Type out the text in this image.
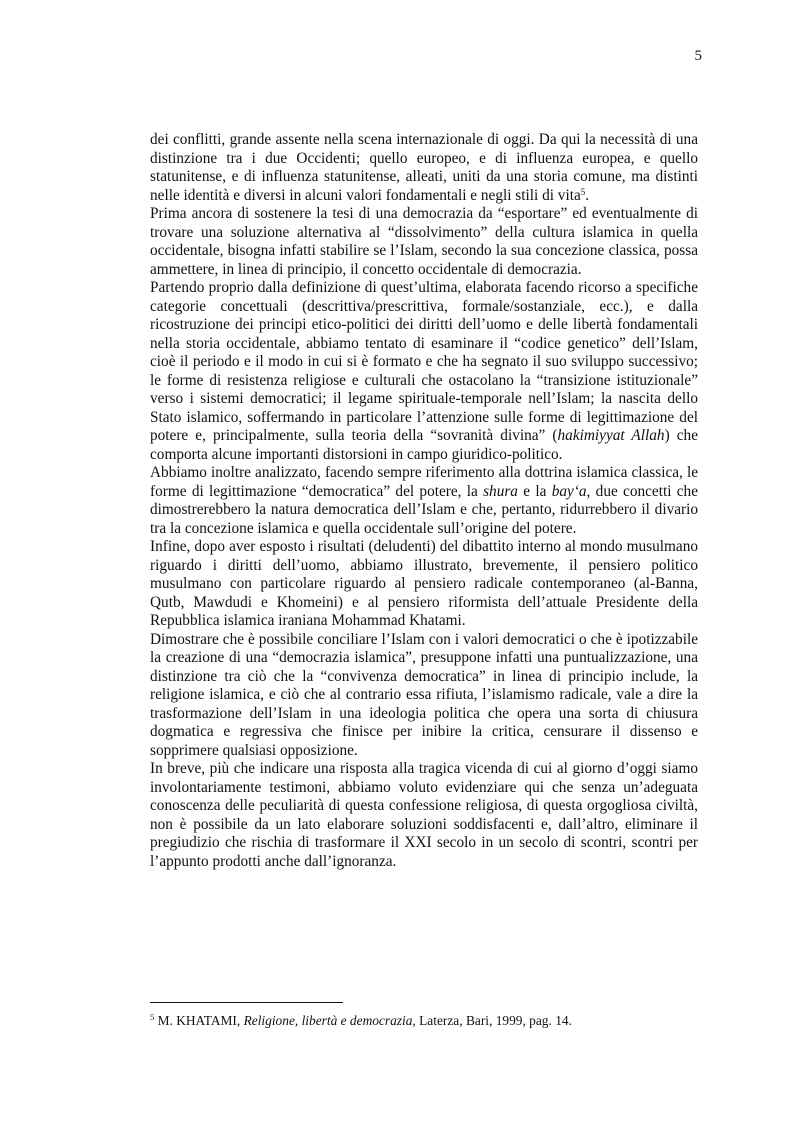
5

dei conflitti, grande assente nella scena internazionale di oggi. Da qui la necessità di una distinzione tra i due Occidenti; quello europeo, e di influenza europea, e quello statunitense, e di influenza statunitense, alleati, uniti da una storia comune, ma distinti nelle identità e diversi in alcuni valori fondamentali e negli stili di vita$^5$.

Prima ancora di sostenere la tesi di una democrazia da “esportare” ed eventualmente di trovare una soluzione alternativa al “dissolvimento” della cultura islamica in quella occidentale, bisogna infatti stabilire se l’Islam, secondo la sua concezione classica, possa ammettere, in linea di principio, il concetto occidentale di democrazia.

Partendo proprio dalla definizione di quest’ultima, elaborata facendo ricorso a specifiche categorie concettuali (descrittiva/prescrittiva, formale/sostanziale, ecc.), e dalla ricostruzione dei principi etico-politici dei diritti dell’uomo e delle libertà fondamentali nella storia occidentale, abbiamo tentato di esaminare il “codice genetico” dell’Islam, cioè il periodo e il modo in cui si è formato e che ha segnato il suo sviluppo successivo; le forme di resistenza religiose e culturali che ostacolano la “transizione istituzionale” verso i sistemi democratici; il legame spirituale-temporale nell’Islam; la nascita dello Stato islamico, soffermando in particolare l’attenzione sulle forme di legittimazione del potere e, principalmente, sulla teoria della “sovranità divina” (hakimiyyat Allah) che comporta alcune importanti distorsioni in campo giuridico-politico.

Abbiamo inoltre analizzato, facendo sempre riferimento alla dottrina islamica classica, le forme di legittimazione “democratica” del potere, la shura e la bay‘a, due concetti che dimostrerebbero la natura democratica dell’Islam e che, pertanto, ridurrebbero il divario tra la concezione islamica e quella occidentale sull’origine del potere.

Infine, dopo aver esposto i risultati (deludenti) del dibattito interno al mondo musulmano riguardo i diritti dell’uomo, abbiamo illustrato, brevemente, il pensiero politico musulmano con particolare riguardo al pensiero radicale contemporaneo (al-Banna, Qutb, Mawdudi e Khomeini) e al pensiero riformista dell’attuale Presidente della Repubblica islamica iraniana Mohammad Khatami.

Dimostrare che è possibile conciliare l’Islam con i valori democratici o che è ipotizzabile la creazione di una “democrazia islamica”, presuppone infatti una puntualizzazione, una distinzione tra ciò che la “convivenza democratica” in linea di principio include, la religione islamica, e ciò che al contrario essa rifiuta, l’islamismo radicale, vale a dire la trasformazione dell’Islam in una ideologia politica che opera una sorta di chiusura dogmatica e regressiva che finisce per inibire la critica, censurare il dissenso e sopprimere qualsiasi opposizione.

In breve, più che indicare una risposta alla tragica vicenda di cui al giorno d’oggi siamo involontariamente testimoni, abbiamo voluto evidenziare qui che senza un’adeguata conoscenza delle peculiarità di questa confessione religiosa, di questa orgogliosa civiltà, non è possibile da un lato elaborare soluzioni soddisfacenti e, dall’altro, eliminare il pregiudizio che rischia di trasformare il XXI secolo in un secolo di scontri, scontri per l’appunto prodotti anche dall’ignoranza.

$^5$ M. KHATAMI, Religione, libertà e democrazia, Laterza, Bari, 1999, pag. 14.
